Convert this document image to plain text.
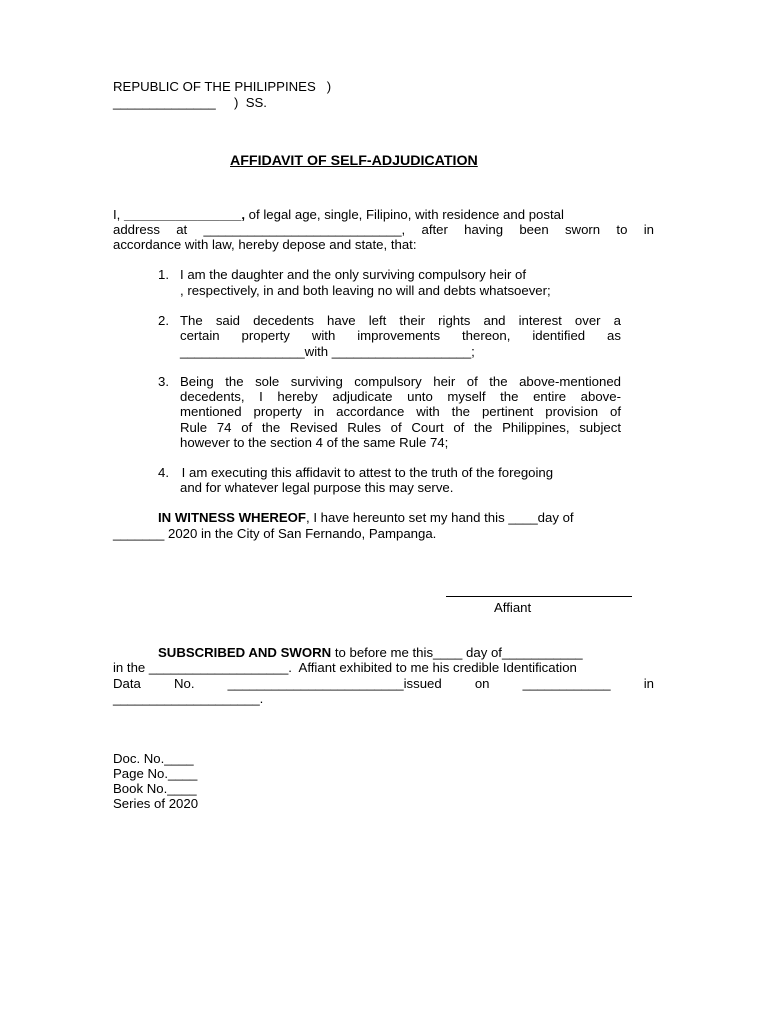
REPUBLIC OF THE PHILIPPINES   )
______________     )  SS.
AFFIDAVIT OF SELF-ADJUDICATION
I, ________________, of legal age, single, Filipino, with residence and postal
address at ___________________________, after having been sworn to in
accordance with law, hereby depose and state, that:
1. I am the daughter and the only surviving compulsory heir of
, respectively, in and both leaving no will and debts whatsoever;
2. The said decedents have left their rights and interest over a
certain property with improvements thereon, identified as
_________________with ___________________;
3. Being the sole surviving compulsory heir of the above-mentioned
decedents, I hereby adjudicate unto myself the entire above-
mentioned property in accordance with the pertinent provision of
Rule 74 of the Revised Rules of Court of the Philippines, subject
however to the section 4 of the same Rule 74;
4. I am executing this affidavit to attest to the truth of the foregoing
and for whatever legal purpose this may serve.
IN WITNESS WHEREOF, I have hereunto set my hand this ____day of
_______ 2020 in the City of San Fernando, Pampanga.
Affiant
SUBSCRIBED AND SWORN to before me this____ day of___________
in the ___________________.  Affiant exhibited to me his credible Identification
Data No. ________________________issued on ____________ in
____________________.
Doc. No.____
Page No.____
Book No.____
Series of 2020
